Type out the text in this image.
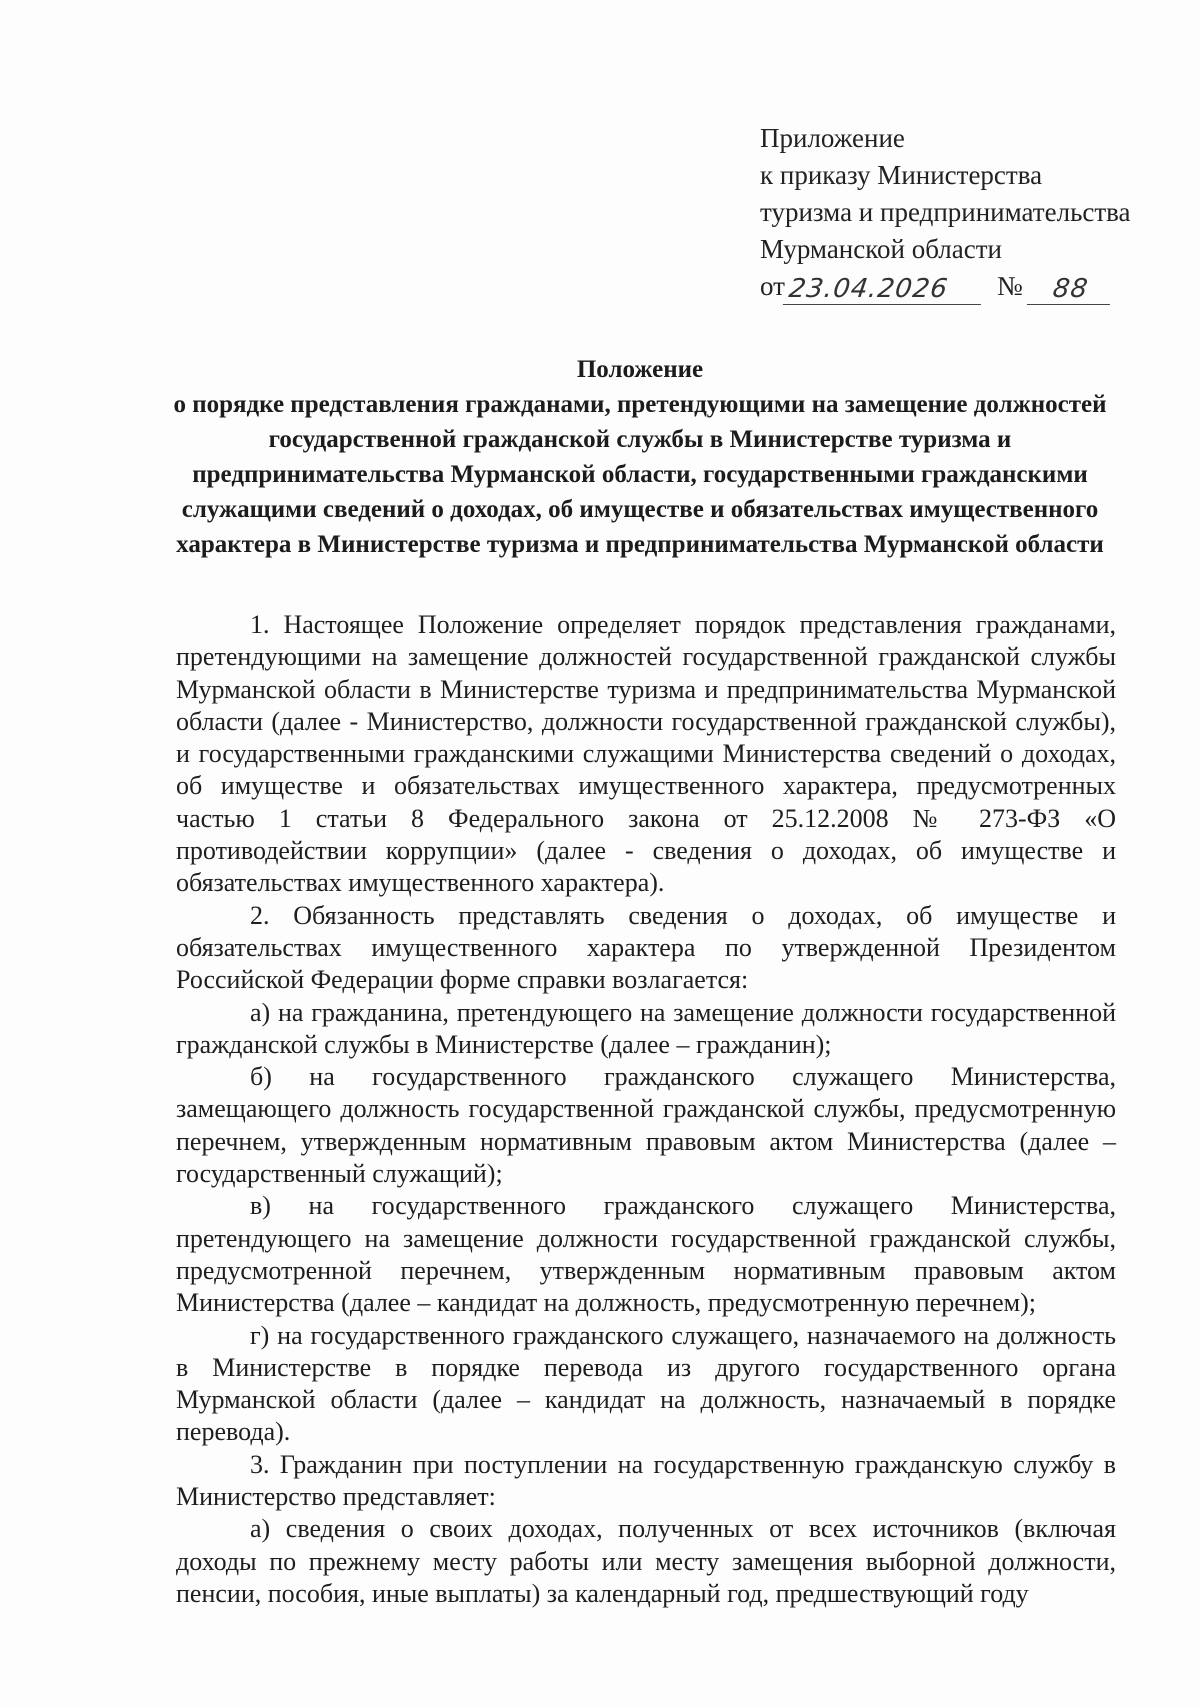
Приложение
к приказу Министерства
туризма и предпринимательства
Мурманской области
от 23.04.2026	№	88
Положение
о порядке представления гражданами, претендующими на замещение должностей государственной гражданской службы в Министерстве туризма и предпринимательства Мурманской области, государственными гражданскими служащими сведений о доходах, об имуществе и обязательствах имущественного характера в Министерстве туризма и предпринимательства Мурманской области

1. Настоящее Положение определяет порядок представления гражданами, претендующими на замещение должностей государственной гражданской службы Мурманской области в Министерстве туризма и предпринимательства Мурманской области (далее - Министерство, должности государственной гражданской службы), и государственными гражданскими служащими Министерства сведений о доходах, об имуществе и обязательствах имущественного характера, предусмотренных частью 1 статьи 8 Федерального закона от 25.12.2008 № 273-ФЗ «О противодействии коррупции» (далее - сведения о доходах, об имуществе и обязательствах имущественного характера).

2. Обязанность представлять сведения о доходах, об имуществе и обязательствах имущественного характера по утвержденной Президентом Российской Федерации форме справки возлагается:

а) на гражданина, претендующего на замещение должности государственной гражданской службы в Министерстве (далее – гражданин);

б) на государственного гражданского служащего Министерства, замещающего должность государственной гражданской службы, предусмотренную перечнем, утвержденным нормативным правовым актом Министерства (далее – государственный служащий);

в) на государственного гражданского служащего Министерства, претендующего на замещение должности государственной гражданской службы, предусмотренной перечнем, утвержденным нормативным правовым актом Министерства (далее – кандидат на должность, предусмотренную перечнем);

г) на государственного гражданского служащего, назначаемого на должность в Министерстве в порядке перевода из другого государственного органа Мурманской области (далее – кандидат на должность, назначаемый в порядке перевода).

3. Гражданин при поступлении на государственную гражданскую службу в Министерство представляет:

а) сведения о своих доходах, полученных от всех источников (включая доходы по прежнему месту работы или месту замещения выборной должности, пенсии, пособия, иные выплаты) за календарный год, предшествующий году
